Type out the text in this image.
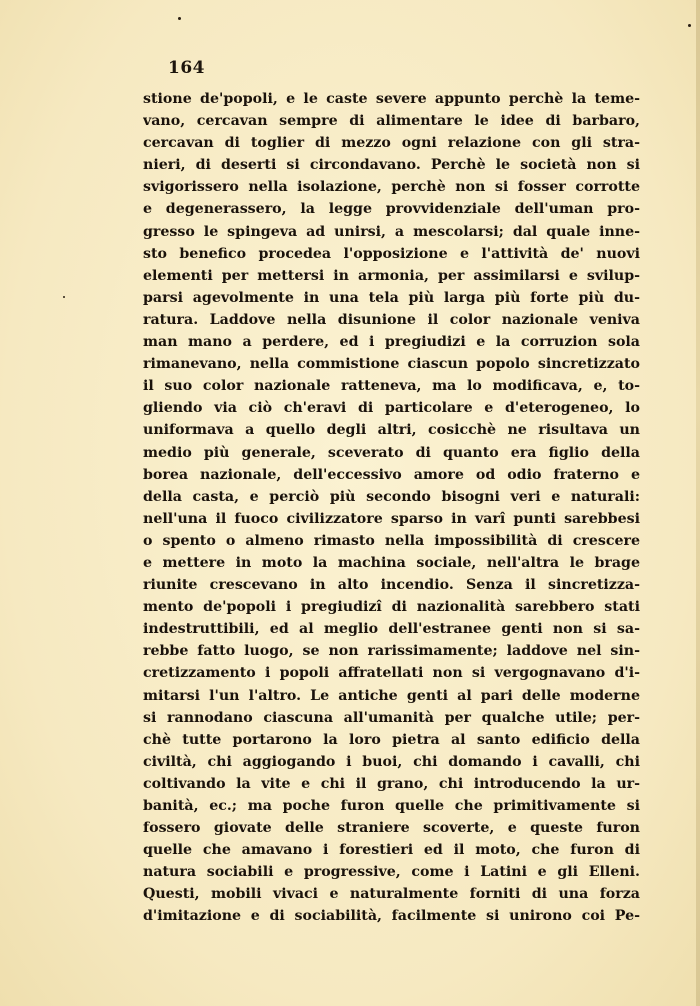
164
stione de'popoli, e le caste severe appunto perchè la teme-
vano, cercavan sempre di alimentare le idee di barbaro,
cercavan di toglier di mezzo ogni relazione con gli stra-
nieri, di deserti si circondavano. Perchè le società non si
svigorissero nella isolazione, perchè non si fosser corrotte
e degenerassero, la legge provvidenziale dell'uman pro-
gresso le spingeva ad unirsi, a mescolarsi; dal quale inne-
sto benefico procedea l'opposizione e l'attività de' nuovi
elementi per mettersi in armonia, per assimilarsi e svilup-
parsi agevolmente in una tela più larga più forte più du-
ratura. Laddove nella disunione il color nazionale veniva
man mano a perdere, ed i pregiudizi e la corruzion sola
rimanevano, nella commistione ciascun popolo sincretizzato
il suo color nazionale ratteneva, ma lo modificava, e, to-
gliendo via ciò ch'eravi di particolare e d'eterogeneo, lo
uniformava a quello degli altri, cosicchè ne risultava un
medio più generale, sceverato di quanto era figlio della
borea nazionale, dell'eccessivo amore od odio fraterno e
della casta, e perciò più secondo bisogni veri e naturali:
nell'una il fuoco civilizzatore sparso in varî punti sarebbesi
o spento o almeno rimasto nella impossibilità di crescere
e mettere in moto la machina sociale, nell'altra le brage
riunite crescevano in alto incendio. Senza il sincretizza-
mento de'popoli i pregiudizî di nazionalità sarebbero stati
indestruttibili, ed al meglio dell'estranee genti non si sa-
rebbe fatto luogo, se non rarissimamente; laddove nel sin-
cretizzamento i popoli affratellati non si vergognavano d'i-
mitarsi l'un l'altro. Le antiche genti al pari delle moderne
si rannodano ciascuna all'umanità per qualche utile; per-
chè tutte portarono la loro pietra al santo edificio della
civiltà, chi aggiogando i buoi, chi domando i cavalli, chi
coltivando la vite e chi il grano, chi introducendo la ur-
banità, ec.; ma poche furon quelle che primitivamente si
fossero giovate delle straniere scoverte, e queste furon
quelle che amavano i forestieri ed il moto, che furon di
natura sociabili e progressive, come i Latini e gli Elleni.
Questi, mobili vivaci e naturalmente forniti di una forza
d'imitazione e di sociabilità, facilmente si unirono coi Pe-
